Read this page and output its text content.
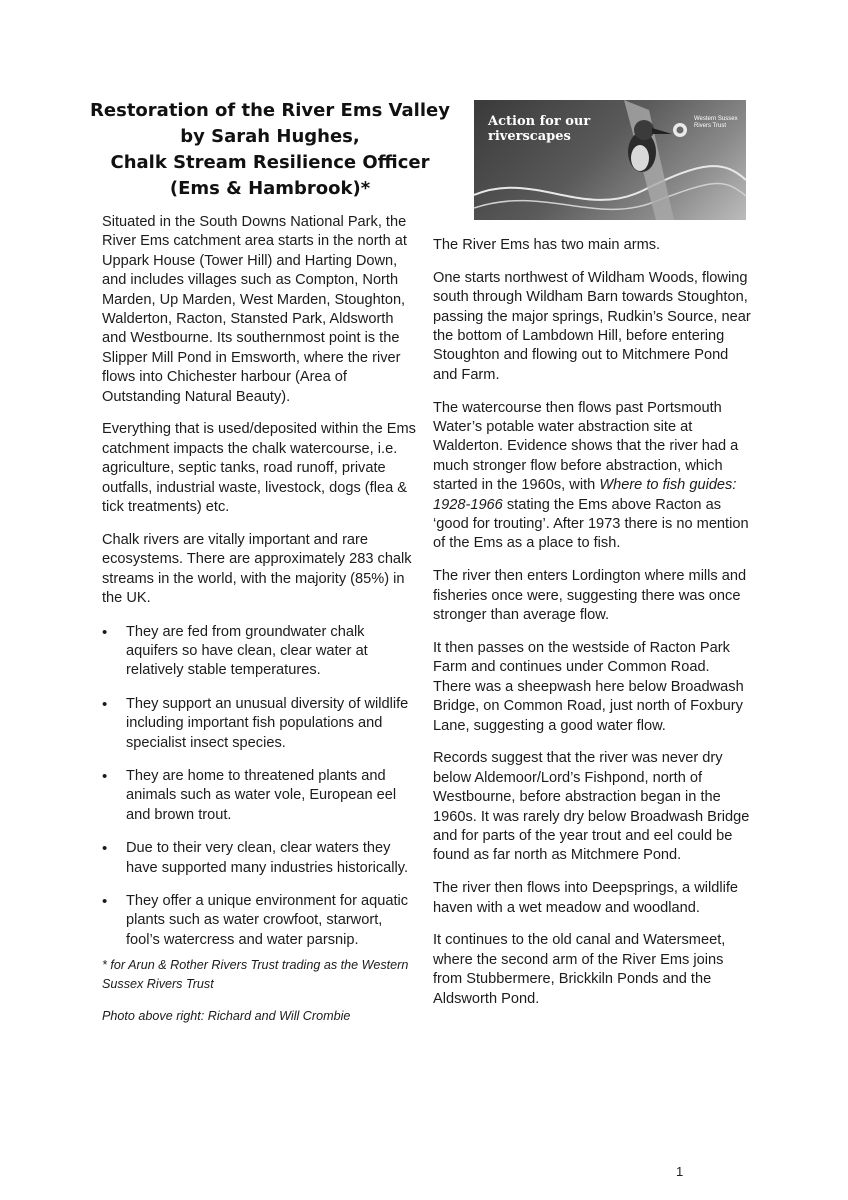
Restoration of the River Ems Valley
by Sarah Hughes,
Chalk Stream Resilience Officer
(Ems & Hambrook)*
Action for our riverscapes
Western Sussex Rivers Trust

Situated in the South Downs National Park, the River Ems catchment area starts in the north at Uppark House (Tower Hill) and Harting Down, and includes villages such as Compton, North Marden, Up Marden, West Marden, Stoughton, Walderton, Racton, Stansted Park, Aldsworth and Westbourne. Its southernmost point is the Slipper Mill Pond in Emsworth, where the river flows into Chichester harbour (Area of Outstanding Natural Beauty).

Everything that is used/deposited within the Ems catchment impacts the chalk watercourse, i.e. agriculture, septic tanks, road runoff, private outfalls, industrial waste, livestock, dogs (flea & tick treatments) etc.

Chalk rivers are vitally important and rare ecosystems. There are approximately 283 chalk streams in the world, with the majority (85%) in the UK.

• They are fed from groundwater chalk aquifers so have clean, clear water at relatively stable temperatures.
• They support an unusual diversity of wildlife including important fish populations and specialist insect species.
• They are home to threatened plants and animals such as water vole, European eel and brown trout.
• Due to their very clean, clear waters they have supported many industries historically.
• They offer a unique environment for aquatic plants such as water crowfoot, starwort, fool’s watercress and water parsnip.

* for Arun & Rother Rivers Trust trading as the Western Sussex Rivers Trust

Photo above right: Richard and Will Crombie

The River Ems has two main arms.

One starts northwest of Wildham Woods, flowing south through Wildham Barn towards Stoughton, passing the major springs, Rudkin’s Source, near the bottom of Lambdown Hill, before entering Stoughton and flowing out to Mitchmere Pond and Farm.

The watercourse then flows past Portsmouth Water’s potable water abstraction site at Walderton. Evidence shows that the river had a much stronger flow before abstraction, which started in the 1960s, with Where to fish guides: 1928-1966 stating the Ems above Racton as ‘good for trouting’. After 1973 there is no mention of the Ems as a place to fish.

The river then enters Lordington where mills and fisheries once were, suggesting there was once stronger than average flow.

It then passes on the westside of Racton Park Farm and continues under Common Road. There was a sheepwash here below Broadwash Bridge, on Common Road, just north of Foxbury Lane, suggesting a good water flow.

Records suggest that the river was never dry below Aldemoor/Lord’s Fishpond, north of Westbourne, before abstraction began in the 1960s. It was rarely dry below Broadwash Bridge and for parts of the year trout and eel could be found as far north as Mitchmere Pond.

The river then flows into Deepsprings, a wildlife haven with a wet meadow and woodland.

It continues to the old canal and Watersmeet, where the second arm of the River Ems joins from Stubbermere, Brickkiln Ponds and the Aldsworth Pond.

1
